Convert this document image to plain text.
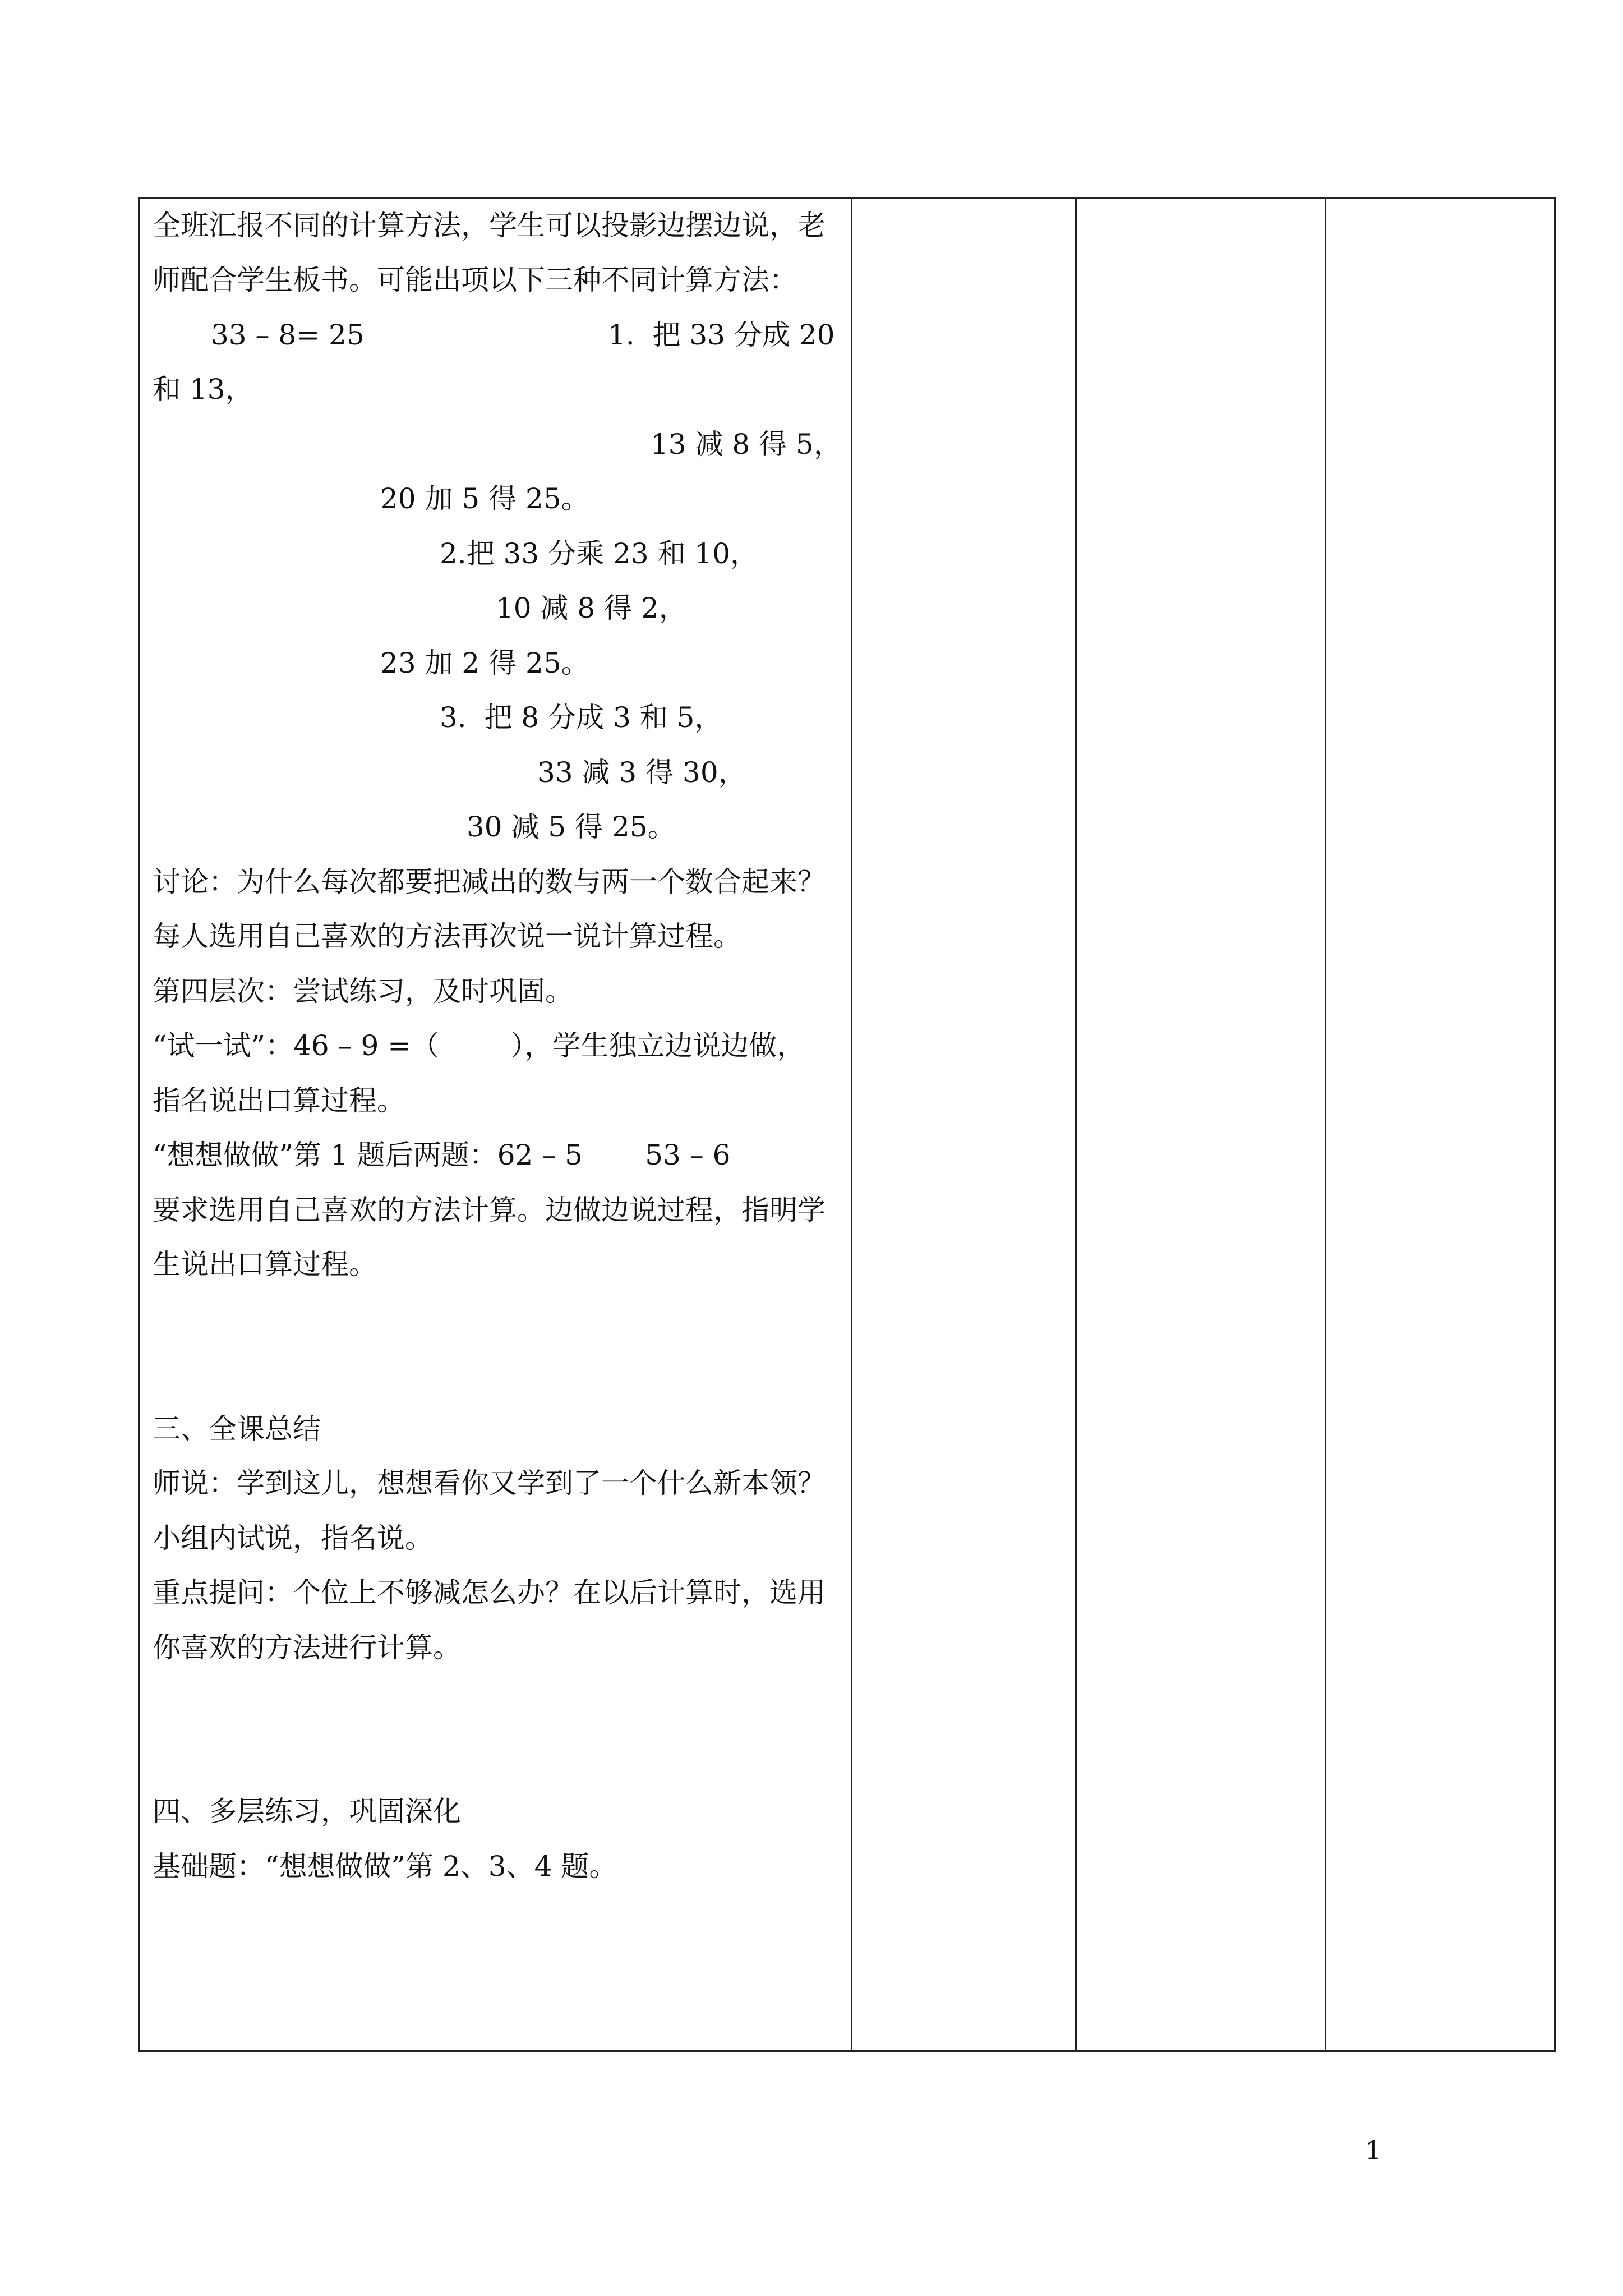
全班汇报不同的计算方法，学生可以投影边摆边说，老
师配合学生板书。可能出项以下三种不同计算方法：
33 – 8= 25	1.  把 33 分成 20
和 13，
13 减 8 得 5，
20 加 5 得 25。
2.把 33 分乘 23 和 10，
10 减 8 得 2，
23 加 2 得 25。
3.  把 8 分成 3 和 5，
33 减 3 得 30，
30 减 5 得 25。
讨论：为什么每次都要把减出的数与两一个数合起来？
每人选用自己喜欢的方法再次说一说计算过程。
第四层次：尝试练习，及时巩固。
“试一试”：46 – 9 =（        ），学生独立边说边做，
指名说出口算过程。
“想想做做”第 1 题后两题：62 – 5       53 – 6
要求选用自己喜欢的方法计算。边做边说过程，指明学
生说出口算过程。
三、全课总结
师说：学到这儿，想想看你又学到了一个什么新本领？
小组内试说，指名说。
重点提问：个位上不够减怎么办？在以后计算时，选用
你喜欢的方法进行计算。
四、多层练习，巩固深化
基础题：“想想做做”第 2、3、4 题。
1
